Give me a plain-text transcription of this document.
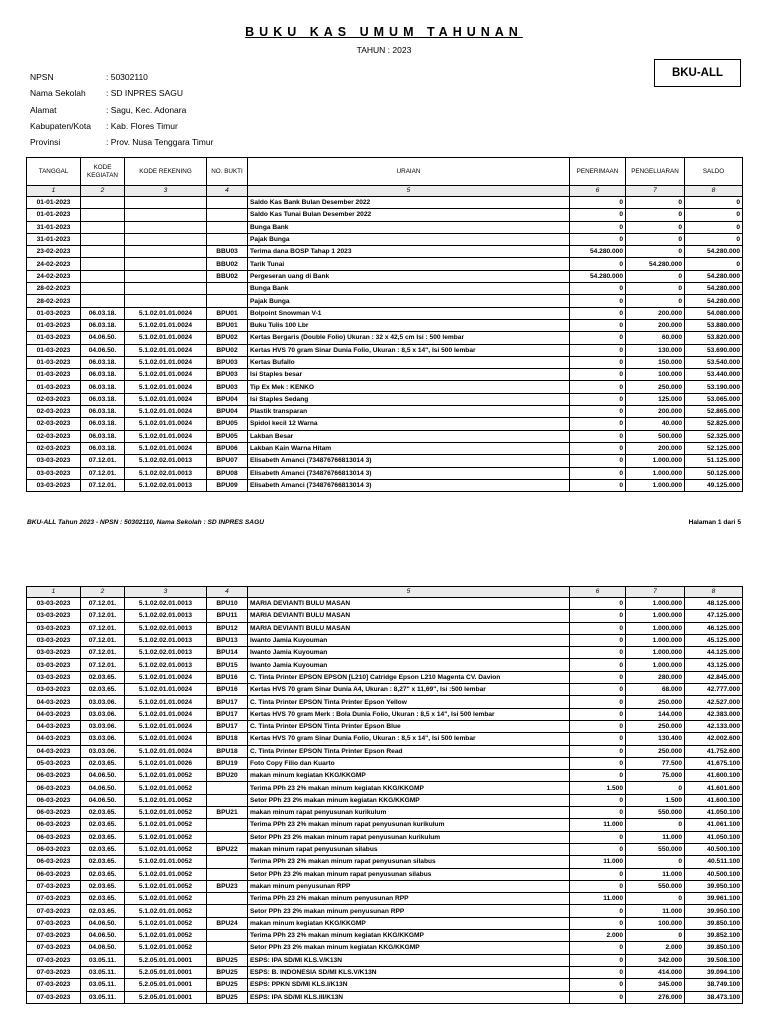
BUKU KAS UMUM TAHUNAN
TAHUN : 2023
NPSN	: 50302110
Nama Sekolah : SD INPRES SAGU
Alamat	: Sagu, Kec. Adonara
Kabupaten/Kota : Kab. Flores Timur
Provinsi	: Prov. Nusa Tenggara Timur
BKU-ALL
TANGGAL	KODE KEGIATAN	KODE REKENING	NO. BUKTI	URAIAN	PENERIMAAN	PENGELUARAN	SALDO
1	2	3	4	5	6	7	8
01-01-2023				Saldo Kas Bank Bulan Desember 2022	0	0	0
01-01-2023				Saldo Kas Tunai Bulan Desember 2022	0	0	0
31-01-2023				Bunga Bank	0	0	0
31-01-2023				Pajak Bunga	0	0	0
23-02-2023			BBU03	Terima dana BOSP Tahap 1 2023	54.280.000	0	54.280.000
24-02-2023			BBU02	Tarik Tunai	0	54.280.000	0
24-02-2023			BBU02	Pergeseran uang di Bank	54.280.000	0	54.280.000
28-02-2023				Bunga Bank	0	0	54.280.000
28-02-2023				Pajak Bunga	0	0	54.280.000
01-03-2023	06.03.18.	5.1.02.01.01.0024	BPU01	Bolpoint Snowman V-1	0	200.000	54.080.000
01-03-2023	06.03.18.	5.1.02.01.01.0024	BPU01	Buku Tulis 100 Lbr	0	200.000	53.880.000
01-03-2023	04.06.50.	5.1.02.01.01.0024	BPU02	Kertas Bergaris (Double Folio) Ukuran : 32 x 42,5 cm Isi : 500 lembar	0	60.000	53.820.000
01-03-2023	04.06.50.	5.1.02.01.01.0024	BPU02	Kertas HVS 70 gram Sinar Dunia Folio, Ukuran : 8,5 x 14", Isi 500 lembar	0	130.000	53.690.000
01-03-2023	06.03.18.	5.1.02.01.01.0024	BPU03	Kertas Bufallo	0	150.000	53.540.000
01-03-2023	06.03.18.	5.1.02.01.01.0024	BPU03	Isi Staples besar	0	100.000	53.440.000
01-03-2023	06.03.18.	5.1.02.01.01.0024	BPU03	Tip Ex Mek : KENKO	0	250.000	53.190.000
02-03-2023	06.03.18.	5.1.02.01.01.0024	BPU04	Isi Staples Sedang	0	125.000	53.065.000
02-03-2023	06.03.18.	5.1.02.01.01.0024	BPU04	Plastik transparan	0	200.000	52.865.000
02-03-2023	06.03.18.	5.1.02.01.01.0024	BPU05	Spidol kecil 12 Warna	0	40.000	52.825.000
02-03-2023	06.03.18.	5.1.02.01.01.0024	BPU05	Lakban Besar	0	500.000	52.325.000
02-03-2023	06.03.18.	5.1.02.01.01.0024	BPU06	Lakban Kain Warna Hitam	0	200.000	52.125.000
03-03-2023	07.12.01.	5.1.02.02.01.0013	BPU07	Elisabeth Amanci (734876766813014 3)	0	1.000.000	51.125.000
03-03-2023	07.12.01.	5.1.02.02.01.0013	BPU08	Elisabeth Amanci (734876766813014 3)	0	1.000.000	50.125.000
03-03-2023	07.12.01.	5.1.02.02.01.0013	BPU09	Elisabeth Amanci (734876766813014 3)	0	1.000.000	49.125.000
BKU-ALL Tahun 2023 - NPSN : 50302110, Nama Sekolah : SD INPRES SAGU	Halaman 1 dari 5
1	2	3	4	5	6	7	8
03-03-2023	07.12.01.	5.1.02.02.01.0013	BPU10	MARIA DEVIANTI BULU MASAN	0	1.000.000	48.125.000
03-03-2023	07.12.01.	5.1.02.02.01.0013	BPU11	MARIA DEVIANTI BULU MASAN	0	1.000.000	47.125.000
03-03-2023	07.12.01.	5.1.02.02.01.0013	BPU12	MARIA DEVIANTI BULU MASAN	0	1.000.000	46.125.000
03-03-2023	07.12.01.	5.1.02.02.01.0013	BPU13	Iwanto Jamia Kuyouman	0	1.000.000	45.125.000
03-03-2023	07.12.01.	5.1.02.02.01.0013	BPU14	Iwanto Jamia Kuyouman	0	1.000.000	44.125.000
03-03-2023	07.12.01.	5.1.02.02.01.0013	BPU15	Iwanto Jamia Kuyouman	0	1.000.000	43.125.000
03-03-2023	02.03.65.	5.1.02.01.01.0024	BPU16	C. Tinta Printer EPSON EPSON [L210] Catridge Epson L210 Magenta CV. Davion	0	280.000	42.845.000
03-03-2023	02.03.65.	5.1.02.01.01.0024	BPU16	Kertas HVS 70 gram Sinar Dunia A4, Ukuran : 8,27" x 11,69", Isi :500 lembar	0	68.000	42.777.000
04-03-2023	03.03.06.	5.1.02.01.01.0024	BPU17	C. Tinta Printer EPSON Tinta Printer Epson Yellow	0	250.000	42.527.000
04-03-2023	03.03.06.	5.1.02.01.01.0024	BPU17	Kertas HVS 70 gram Merk : Bola Dunia Folio, Ukuran : 8,5 x 14", Isi 500 lembar	0	144.000	42.383.000
04-03-2023	03.03.06.	5.1.02.01.01.0024	BPU17	C. Tinta Printer EPSON Tinta Printer Epson Blue	0	250.000	42.133.000
04-03-2023	03.03.06.	5.1.02.01.01.0024	BPU18	Kertas HVS 70 gram Sinar Dunia Folio, Ukuran : 8,5 x 14", Isi 500 lembar	0	130.400	42.002.600
04-03-2023	03.03.06.	5.1.02.01.01.0024	BPU18	C. Tinta Printer EPSON Tinta Printer Epson Read	0	250.000	41.752.600
05-03-2023	02.03.65.	5.1.02.01.01.0026	BPU19	Foto Copy Filio dan Kuarto	0	77.500	41.675.100
06-03-2023	04.06.50.	5.1.02.01.01.0052	BPU20	makan minum kegiatan KKG/KKGMP	0	75.000	41.600.100
06-03-2023	04.06.50.	5.1.02.01.01.0052		Terima PPh 23 2% makan minum kegiatan KKG/KKGMP	1.500	0	41.601.600
06-03-2023	04.06.50.	5.1.02.01.01.0052		Setor PPh 23 2% makan minum kegiatan KKG/KKGMP	0	1.500	41.600.100
06-03-2023	02.03.65.	5.1.02.01.01.0052	BPU21	makan minum rapat penyusunan kurikulum	0	550.000	41.050.100
06-03-2023	02.03.65.	5.1.02.01.01.0052		Terima PPh 23 2% makan minum rapat penyusunan kurikulum	11.000	0	41.061.100
06-03-2023	02.03.65.	5.1.02.01.01.0052		Setor PPh 23 2% makan minum rapat penyusunan kurikulum	0	11.000	41.050.100
06-03-2023	02.03.65.	5.1.02.01.01.0052	BPU22	makan minum rapat penyusunan silabus	0	550.000	40.500.100
06-03-2023	02.03.65.	5.1.02.01.01.0052		Terima PPh 23 2% makan minum rapat penyusunan silabus	11.000	0	40.511.100
06-03-2023	02.03.65.	5.1.02.01.01.0052		Setor PPh 23 2% makan minum rapat penyusunan silabus	0	11.000	40.500.100
07-03-2023	02.03.65.	5.1.02.01.01.0052	BPU23	makan minum penyusunan RPP	0	550.000	39.950.100
07-03-2023	02.03.65.	5.1.02.01.01.0052		Terima PPh 23 2% makan minum penyusunan RPP	11.000	0	39.961.100
07-03-2023	02.03.65.	5.1.02.01.01.0052		Setor PPh 23 2% makan minum penyusunan RPP	0	11.000	39.950.100
07-03-2023	04.06.50.	5.1.02.01.01.0052	BPU24	makan minum kegiatan KKG/KKGMP	0	100.000	39.850.100
07-03-2023	04.06.50.	5.1.02.01.01.0052		Terima PPh 23 2% makan minum kegiatan KKG/KKGMP	2.000	0	39.852.100
07-03-2023	04.06.50.	5.1.02.01.01.0052		Setor PPh 23 2% makan minum kegiatan KKG/KKGMP	0	2.000	39.850.100
07-03-2023	03.05.11.	5.2.05.01.01.0001	BPU25	ESPS: IPA SD/MI KLS.V/K13N	0	342.000	39.508.100
07-03-2023	03.05.11.	5.2.05.01.01.0001	BPU25	ESPS: B. INDONESIA SD/MI KLS.V/K13N	0	414.000	39.094.100
07-03-2023	03.05.11.	5.2.05.01.01.0001	BPU25	ESPS: PPKN SD/MI KLS.I/K13N	0	345.000	38.749.100
07-03-2023	03.05.11.	5.2.05.01.01.0001	BPU25	ESPS: IPA SD/MI KLS.III/K13N	0	276.000	38.473.100
